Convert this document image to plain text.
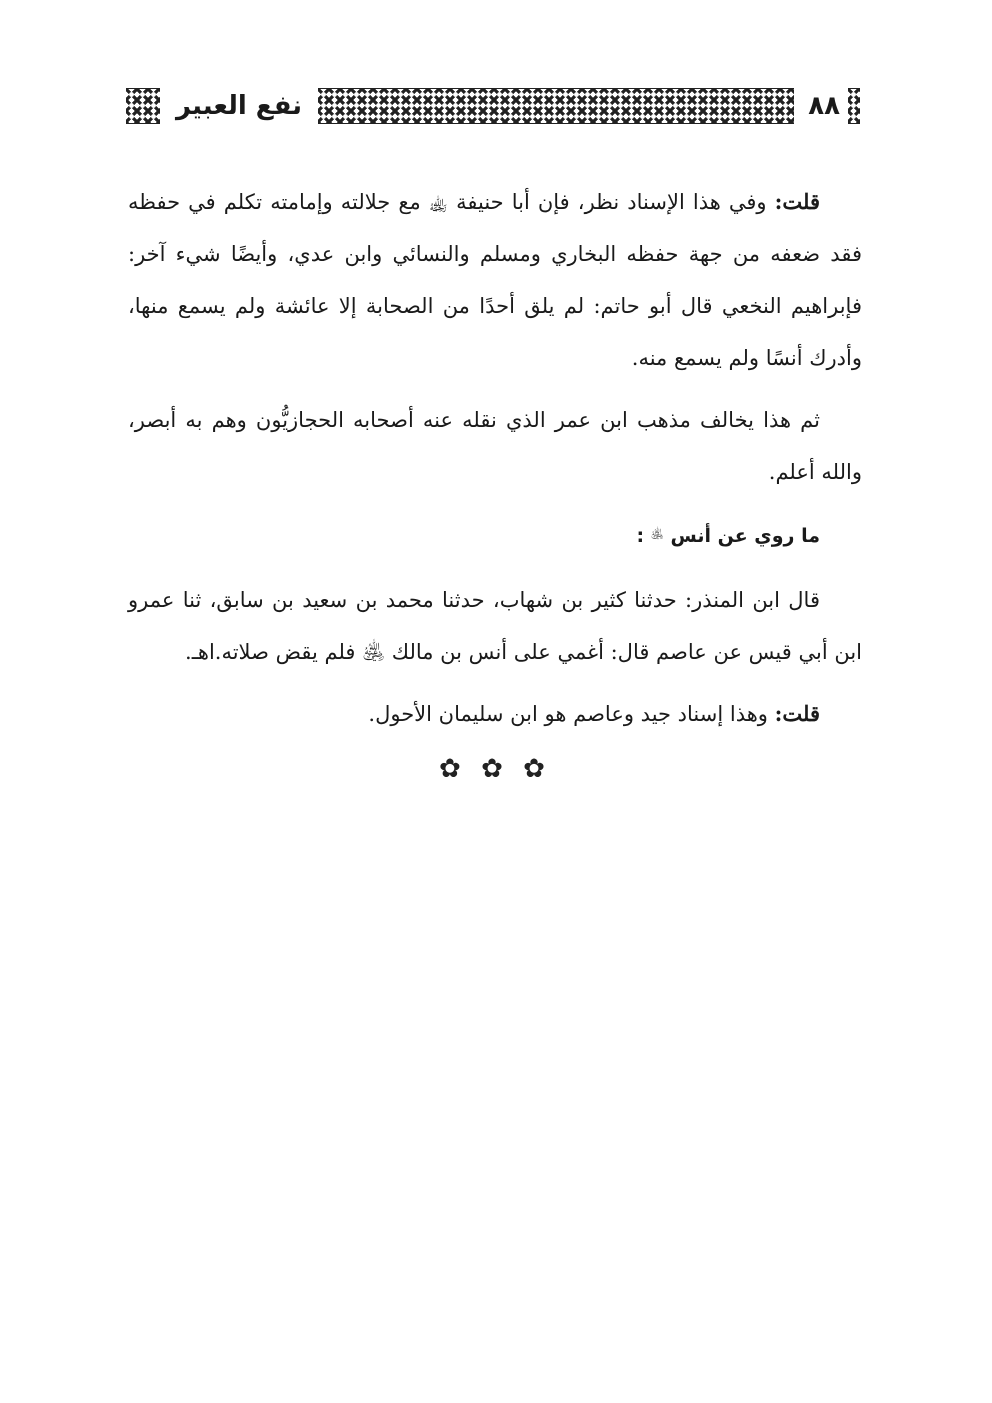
٨٨
نفع العبير

قلت: وفي هذا الإسناد نظر، فإن أبا حنيفة ﵀ مع جلالته وإمامته تكلم في حفظه فقد ضعفه من جهة حفظه البخاري ومسلم والنسائي وابن عدي، وأيضًا شيء آخر: فإبراهيم النخعي قال أبو حاتم: لم يلق أحدًا من الصحابة إلا عائشة ولم يسمع منها، وأدرك أنسًا ولم يسمع منه.

ثم هذا يخالف مذهب ابن عمر الذي نقله عنه أصحابه الحجازيُّون وهم به أبصر، والله أعلم.

ما روي عن أنس ﵁ :

قال ابن المنذر: حدثنا كثير بن شهاب، حدثنا محمد بن سعيد بن سابق، ثنا عمرو ابن أبي قيس عن عاصم قال: أغمي على أنس بن مالك ﵁ فلم يقض صلاته.اهـ.

قلت: وهذا إسناد جيد وعاصم هو ابن سليمان الأحول.

✿ ✿ ✿
